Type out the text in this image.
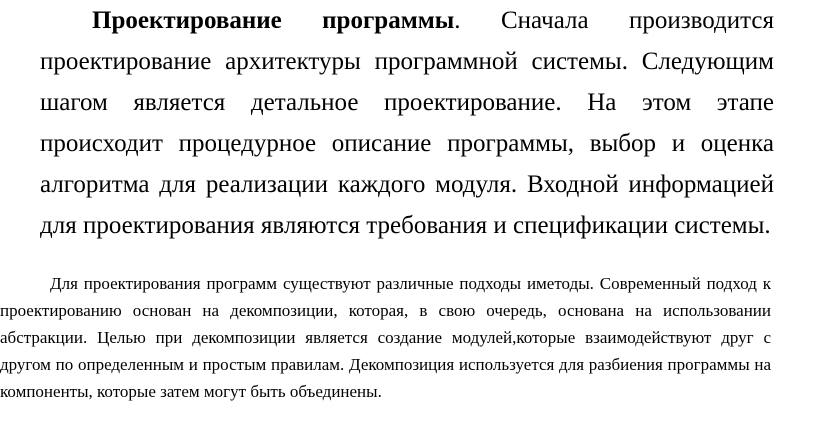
Проектирование программы. Сначала производится проектирование архитектуры программной системы. Следующим шагом является детальное проектирование. На этом этапе происходит процедурное описание программы, выбор и оценка алгоритма для реализации каждого модуля. Входной информацией для проектирования являются требования и спецификации системы.

Для проектирования программ существуют различные подходы иметоды. Современный подход к проектированию основан на декомпозиции, которая, в свою очередь, основана на использовании абстракции. Целью при декомпозиции является создание модулей,которые взаимодействуют друг с другом по определенным и простым правилам. Декомпозиция используется для разбиения программы на компоненты, которые затем могут быть объединены.
